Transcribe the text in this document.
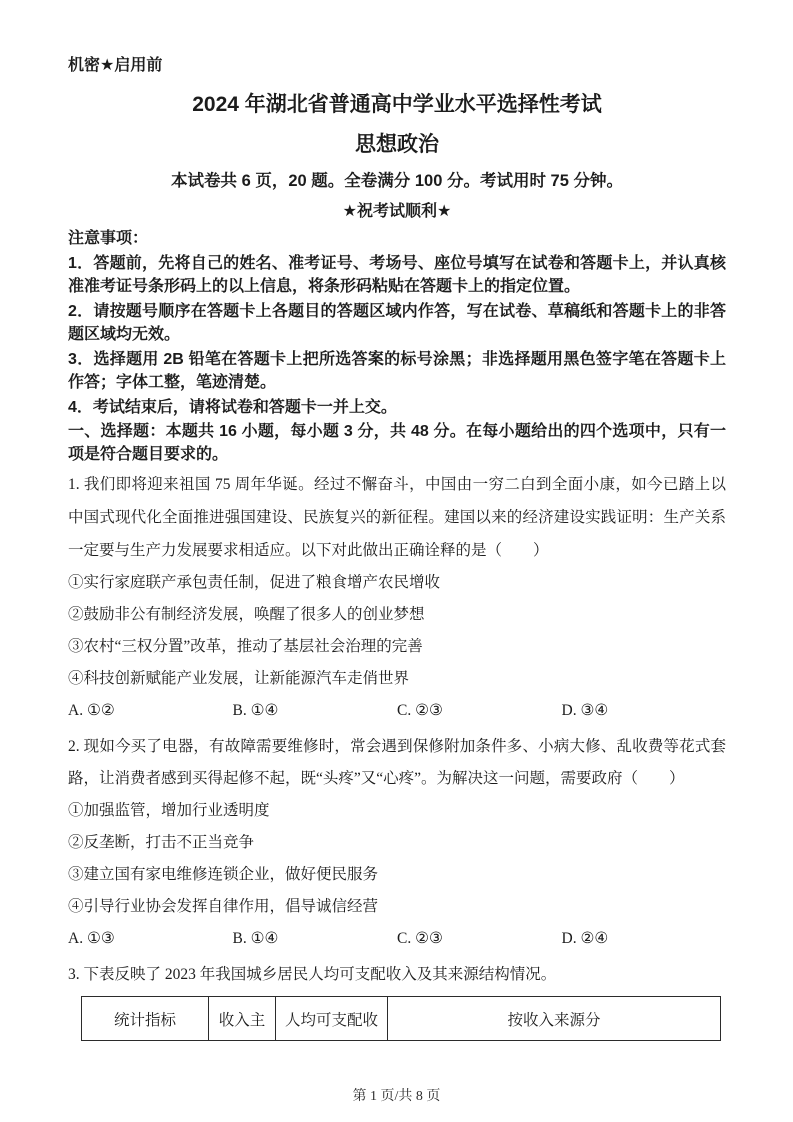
机密★启用前
2024 年湖北省普通高中学业水平选择性考试
思想政治
本试卷共 6 页，20 题。全卷满分 100 分。考试用时 75 分钟。
★祝考试顺利★
注意事项：
1．答题前，先将自己的姓名、准考证号、考场号、座位号填写在试卷和答题卡上，并认真核准准考证号条形码上的以上信息，将条形码粘贴在答题卡上的指定位置。
2．请按题号顺序在答题卡上各题目的答题区域内作答，写在试卷、草稿纸和答题卡上的非答题区域均无效。
3．选择题用 2B 铅笔在答题卡上把所选答案的标号涂黑；非选择题用黑色签字笔在答题卡上作答；字体工整，笔迹清楚。
4．考试结束后，请将试卷和答题卡一并上交。
一、选择题：本题共 16 小题，每小题 3 分，共 48 分。在每小题给出的四个选项中，只有一项是符合题目要求的。
1. 我们即将迎来祖国 75 周年华诞。经过不懈奋斗，中国由一穷二白到全面小康，如今已踏上以中国式现代化全面推进强国建设、民族复兴的新征程。建国以来的经济建设实践证明：生产关系一定要与生产力发展要求相适应。以下对此做出正确诠释的是（　　）
①实行家庭联产承包责任制，促进了粮食增产农民增收
②鼓励非公有制经济发展，唤醒了很多人的创业梦想
③农村“三权分置”改革，推动了基层社会治理的完善
④科技创新赋能产业发展，让新能源汽车走俏世界
A. ①②	B. ①④	C. ②③	D. ③④
2. 现如今买了电器，有故障需要维修时，常会遇到保修附加条件多、小病大修、乱收费等花式套路，让消费者感到买得起修不起，既“头疼”又“心疼”。为解决这一问题，需要政府（　　）
①加强监管，增加行业透明度
②反垄断，打击不正当竞争
③建立国有家电维修连锁企业，做好便民服务
④引导行业协会发挥自律作用，倡导诚信经营
A. ①③	B. ①④	C. ②③	D. ②④
3. 下表反映了 2023 年我国城乡居民人均可支配收入及其来源结构情况。
统计指标	收入主	人均可支配收	按收入来源分
第 1 页/共 8 页
